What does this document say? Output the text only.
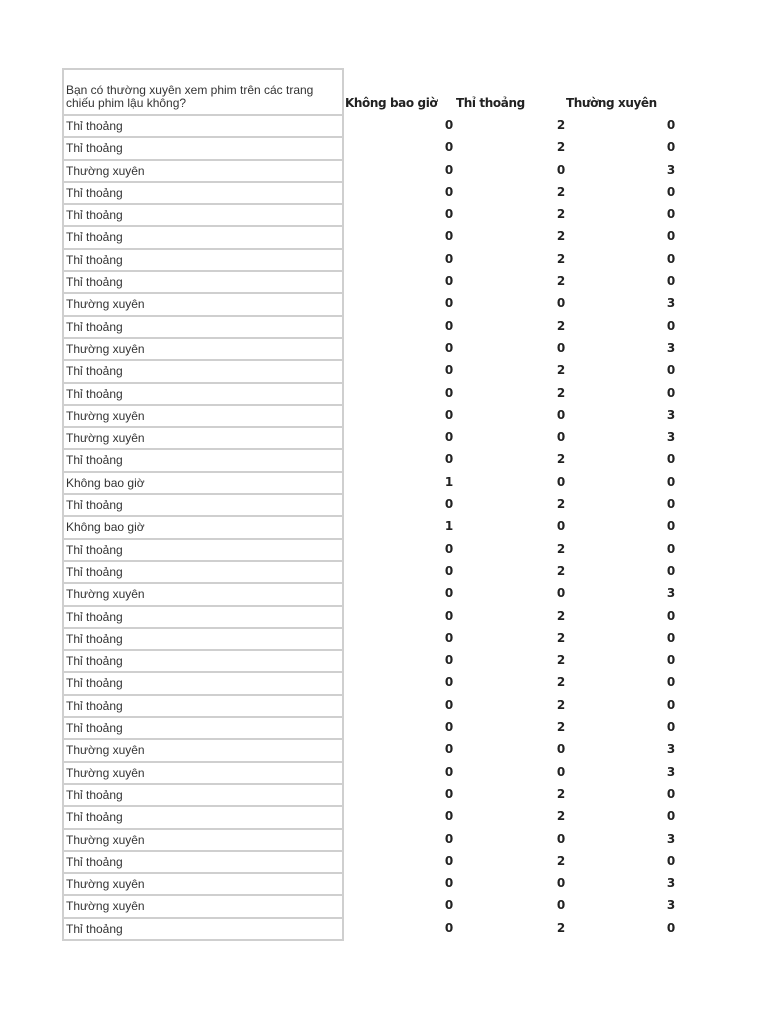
Bạn có thường xuyên xem phim trên các trang chiếu phim lậu không?
Thỉ thoảng
Thỉ thoảng
Thường xuyên
Thỉ thoảng
Thỉ thoảng
Thỉ thoảng
Thỉ thoảng
Thỉ thoảng
Thường xuyên
Thỉ thoảng
Thường xuyên
Thỉ thoảng
Thỉ thoảng
Thường xuyên
Thường xuyên
Thỉ thoảng
Không bao giờ
Thỉ thoảng
Không bao giờ
Thỉ thoảng
Thỉ thoảng
Thường xuyên
Thỉ thoảng
Thỉ thoảng
Thỉ thoảng
Thỉ thoảng
Thỉ thoảng
Thỉ thoảng
Thường xuyên
Thường xuyên
Thỉ thoảng
Thỉ thoảng
Thường xuyên
Thỉ thoảng
Thường xuyên
Thường xuyên
Thỉ thoảng
Không bao giờ Thỉ thoảng	Thường xuyên
0
0
0
0
0
0
0
0
0
0
0
0
0
0
0
0
1
0
1
0
0
0
0
0
0
0
0
0
0
0
0
0
0
0
0
0
0
2
2
0
2
2
2
2
2
0
2
0
2
2
0
0
2
0
2
0
2
2
0
2
2
2
2
2
2
0
0
2
2
0
2
0
0
2
0
0
3
0
0
0
0
0
3
0
3
0
0
3
3
0
0
0
0
0
0
3
0
0
0
0
0
0
3
3
0
0
3
0
3
3
0
